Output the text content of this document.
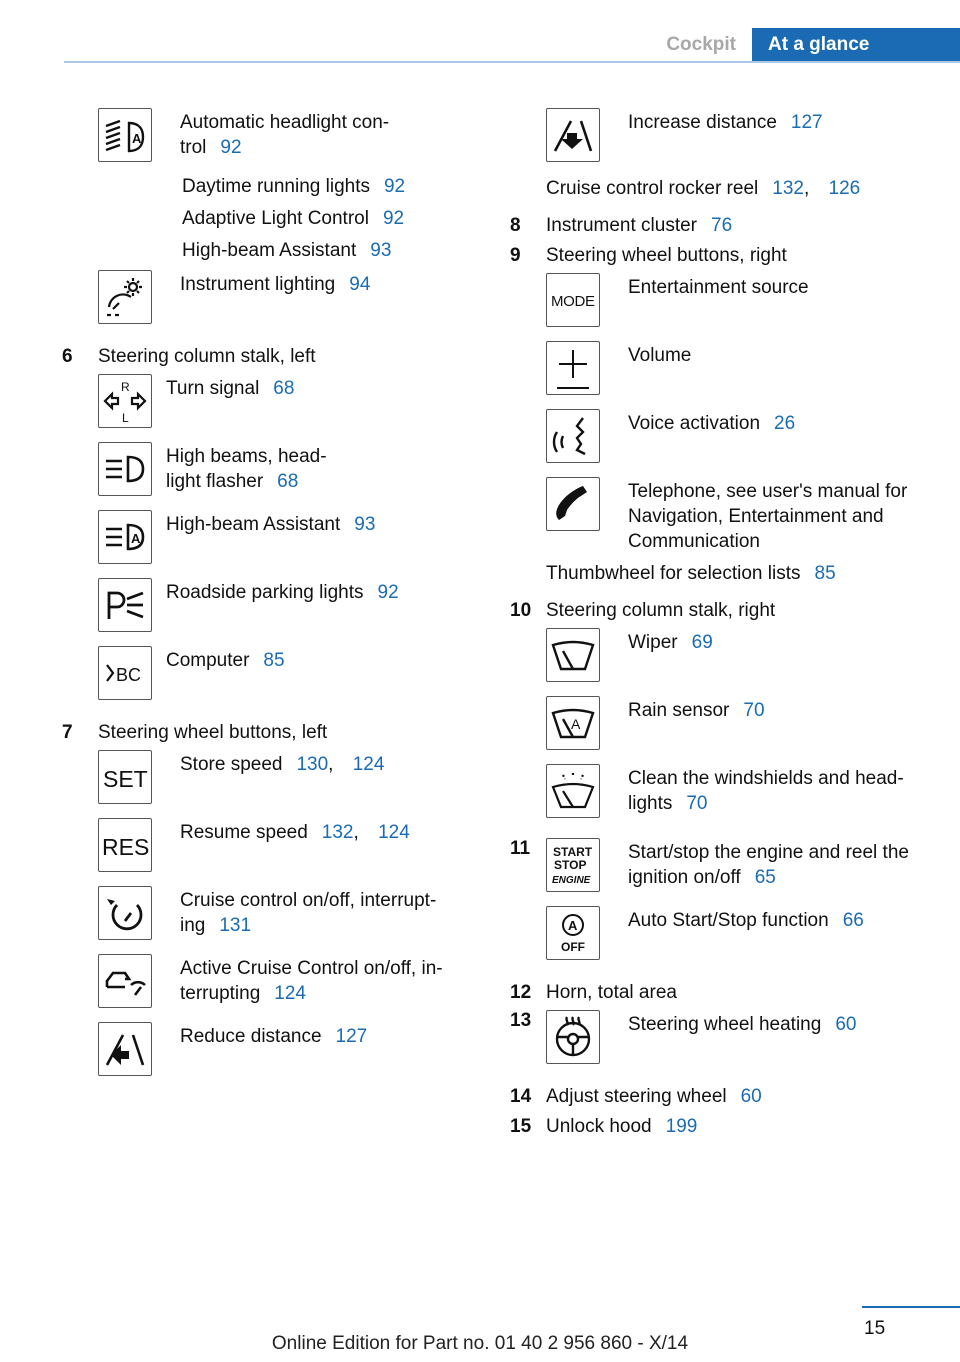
Cockpit	At a glance
A
Automatic headlight con-
trol 92
Daytime running lights 92
Adaptive Light Control 92
High-beam Assistant 93
Instrument lighting 94
6	Steering column stalk, left
R
L
Turn signal 68
High beams, head-
light flasher 68
A
High-beam Assistant 93
Roadside parking lights 92
BC
Computer 85
7	Steering wheel buttons, left
SET
Store speed 130, 124
RES
Resume speed 132, 124
Cruise control on/off, interrupt-
ing 131
Active Cruise Control on/off, in-
terrupting 124
Reduce distance 127
Increase distance 127
Cruise control rocker reel 132, 126
8	Instrument cluster 76
9	Steering wheel buttons, right
MODE
Entertainment source
Volume
Voice activation 26
Telephone, see user's manual for
Navigation, Entertainment and
Communication
Thumbwheel for selection lists 85
10 Steering column stalk, right
Wiper 69
A
Rain sensor 70
Clean the windshields and head-
lights 70
11	START
STOP
ENGINE
Start/stop the engine and reel the
ignition on/off 65
A
OFF
Auto Start/Stop function 66
12 Horn, total area
13	Steering wheel heating 60
14 Adjust steering wheel 60
15 Unlock hood 199
15
Online Edition for Part no. 01 40 2 956 860 - X/14
